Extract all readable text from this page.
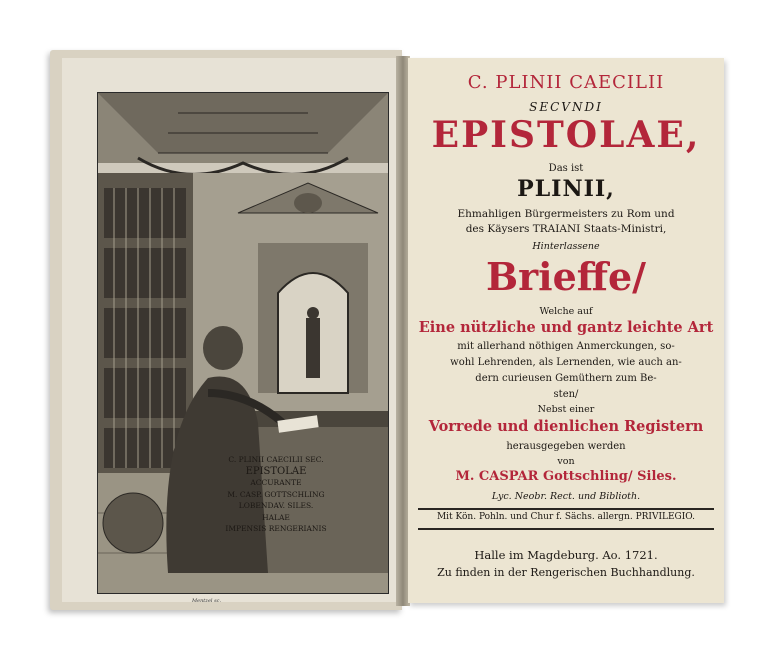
C. PLINII CAECILII SEC.
EPISTOLAE
ACCURANTE
M. CASP. GOTTSCHLING
LOBENDAV. SILES.
HALAE
IMPENSIS RENGERIANIS
Mentzel sc.
C. PLINII CAECILII
SECVNDI
EPISTOLAE,
Das ist
PLINII,
Ehmahligen Bürgermeisters zu Rom und
des Käysers TRAIANI Staats-Ministri,
Hinterlassene
Brieffe/
Welche auf
Eine nützliche und gantz leichte Art
mit allerhand nöthigen Anmerckungen, so-
wohl Lehrenden, als Lernenden, wie auch an-
dern curieusen Gemüthern zum Be-
sten/
Nebst einer
Vorrede und dienlichen Registern
herausgegeben werden
von
M. CASPAR Gottschling/ Siles.
Lyc. Neobr. Rect. und Biblioth.
Mit Kön. Pohln. und Chur f. Sächs. allergn. PRIVILEGIO.
Halle im Magdeburg. Ao. 1721.
Zu finden in der Rengerischen Buchhandlung.
